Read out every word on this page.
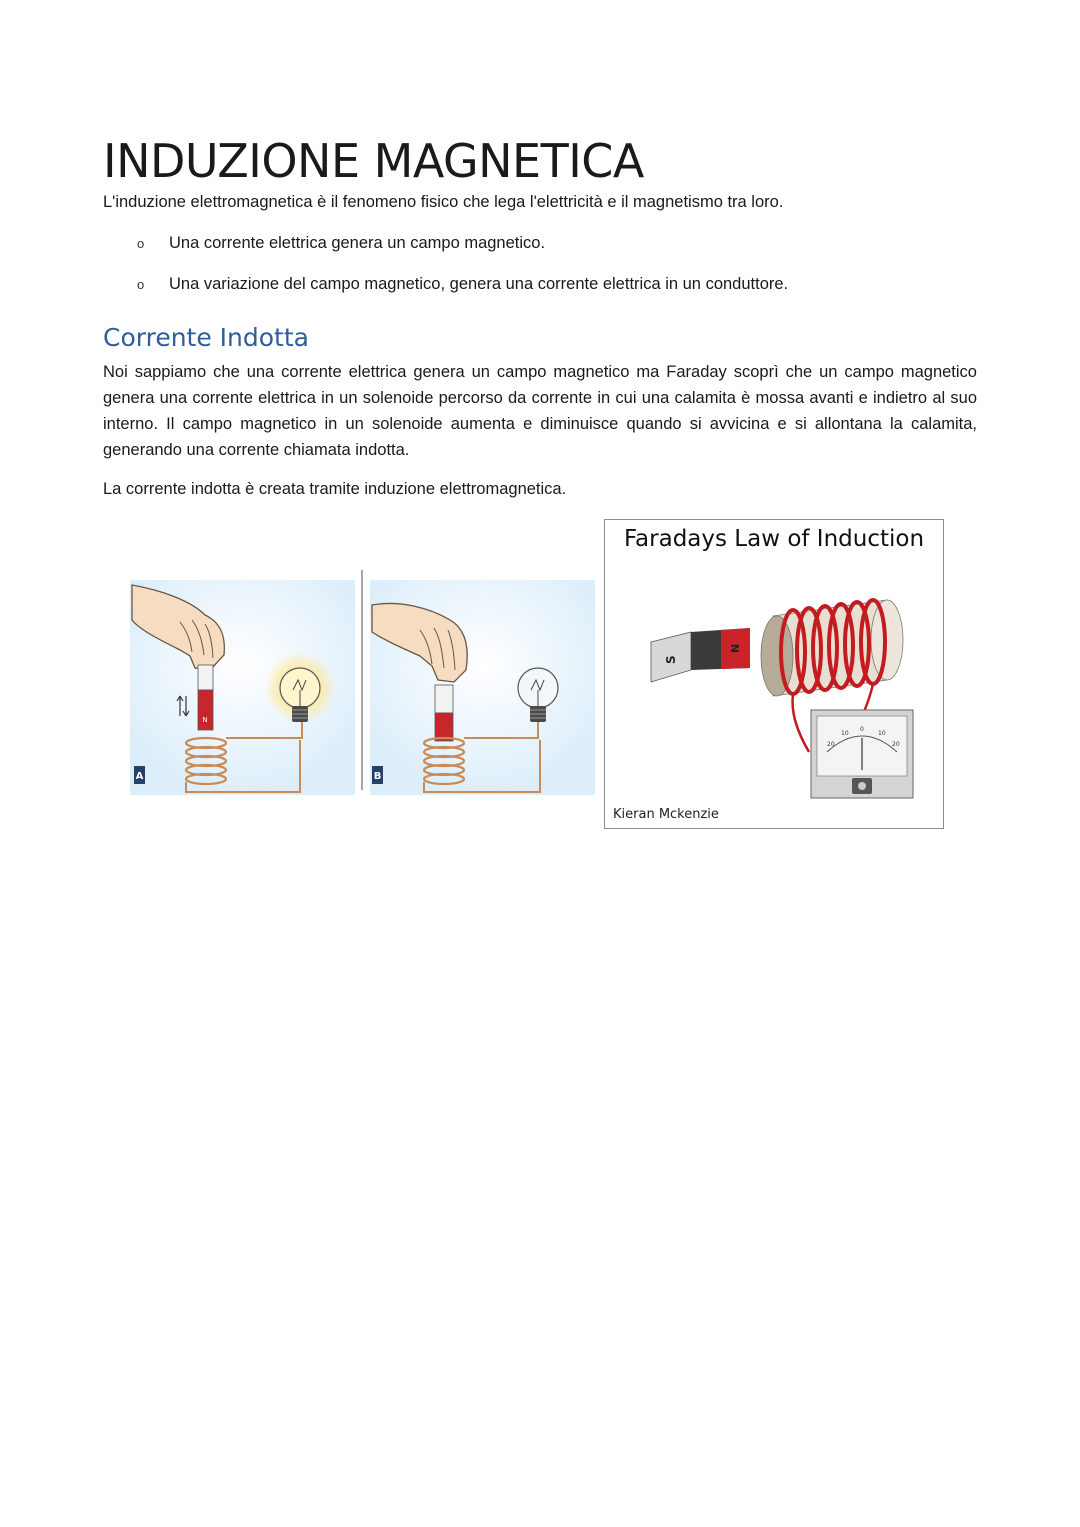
INDUZIONE MAGNETICA

L'induzione elettromagnetica è il fenomeno fisico che lega l'elettricità e il magnetismo tra loro.

o Una corrente elettrica genera un campo magnetico.
o Una variazione del campo magnetico, genera una corrente elettrica in un conduttore.
Corrente Indotta

Noi sappiamo che una corrente elettrica genera un campo magnetico ma Faraday scoprì che un campo magnetico genera una corrente elettrica in un solenoide percorso da corrente in cui una calamita è mossa avanti e indietro al suo interno. Il campo magnetico in un solenoide aumenta e diminuisce quando si avvicina e si allontana la calamita, generando una corrente chiamata indotta.

La corrente indotta è creata tramite induzione elettromagnetica.

N
A	B
S
N
20
10
0
10
20
Faradays Law of Induction
Kieran Mckenzie
